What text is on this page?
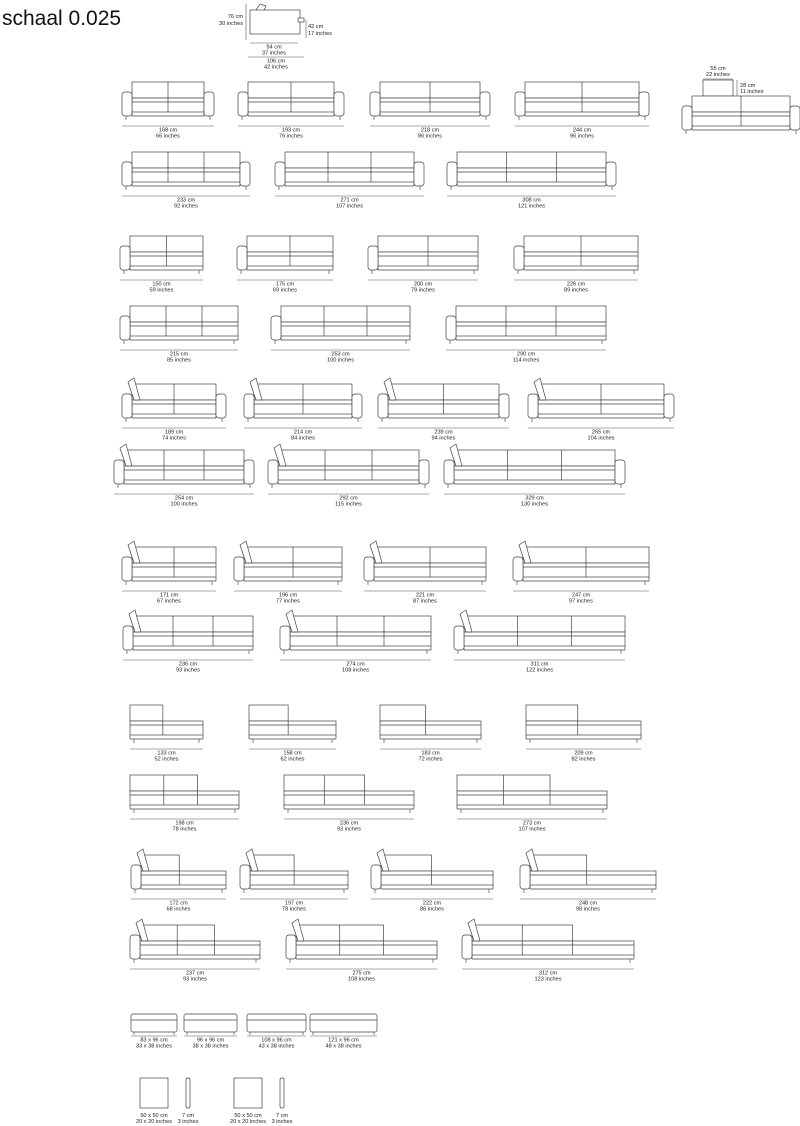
schaal 0.025	76 cm
30 inches	42 cm
17 inches
94 cm
37 inches
106 cm
42 inches	55 cm
22 inches
28 cm
11 inches
168 cm
66 inches
193 cm
76 inches
218 cm
86 inches
244 cm
96 inches
233 cm
92 inches
271 cm
107 inches
308 cm
121 inches
150 cm
59 inches
175 cm
69 inches
200 cm
79 inches
226 cm
89 inches
215 cm
85 inches
253 cm
100 inches
290 cm
114 inches
189 cm
74 inches
214 cm
84 inches
239 cm
94 inches
265 cm
104 inches
254 cm
100 inches
292 cm
115 inches
329 cm
130 inches
171 cm
67 inches
196 cm
77 inches
221 cm
87 inches
247 cm
97 inches
236 cm
93 inches
274 cm
108 inches
311 cm
122 inches
133 cm
52 inches
158 cm
62 inches
183 cm
72 inches
209 cm
82 inches
198 cm
78 inches
236 cm
93 inches
273 cm
107 inches
172 cm
68 inches
197 cm
78 inches
222 cm
88 inches
248 cm
98 inches
237 cm
93 inches
275 cm
108 inches
312 cm
123 inches
83 x 96 cm
33 x 38 inches
96 x 96 cm
38 x 38 inches
108 x 96 cm
43 x 38 inches
121 x 96 cm
48 x 38 inches
50 x 50 cm
20 x 20 inches
7 cm
3 inches
50 x 50 cm
20 x 20 inches
7 cm
3 inches
